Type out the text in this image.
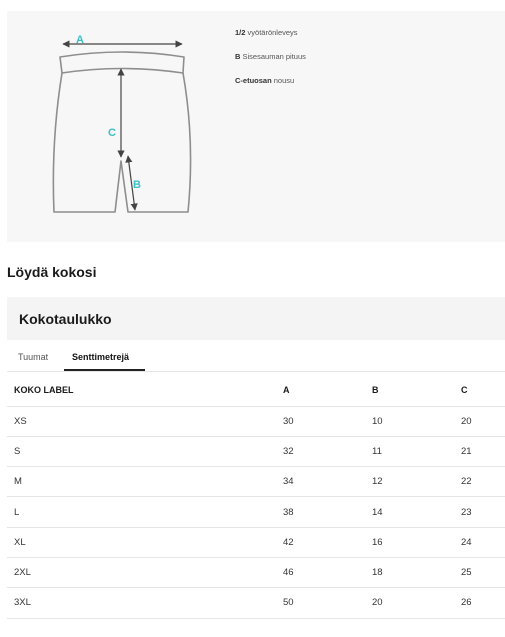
A
C
B
1/2 vyötärönleveys
B Sisesauman pituus
C-etuosan nousu
Löydä kokosi
Kokotaulukko
Tuumat	Senttimetrejä
KOKO LABEL	A	B	C
XS	30	10	20
S	32	11	21
M	34	12	22
L	38	14	23
XL	42	16	24
2XL	46	18	25
3XL	50	20	26
